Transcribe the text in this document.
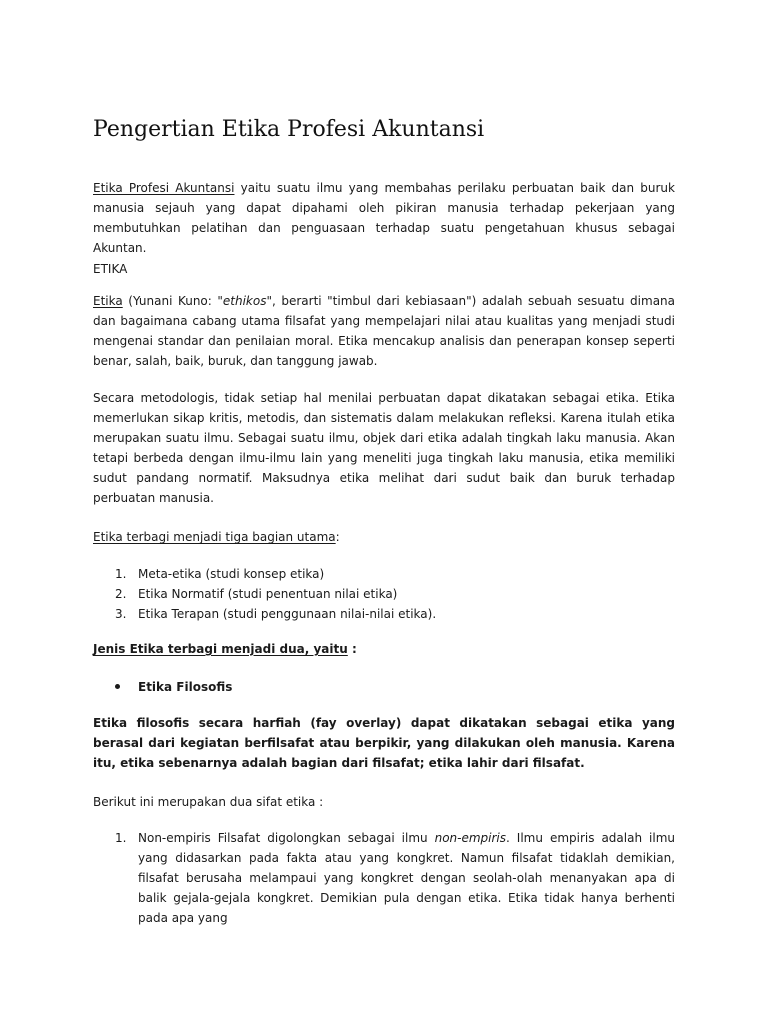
Pengertian Etika Profesi Akuntansi

Etika Profesi Akuntansi yaitu suatu ilmu yang membahas perilaku perbuatan baik dan buruk manusia sejauh yang dapat dipahami oleh pikiran manusia terhadap pekerjaan yang membutuhkan pelatihan dan penguasaan terhadap suatu pengetahuan khusus sebagai Akuntan.

ETIKA

Etika (Yunani Kuno: "ethikos", berarti "timbul dari kebiasaan") adalah sebuah sesuatu dimana dan bagaimana cabang utama filsafat yang mempelajari nilai atau kualitas yang menjadi studi mengenai standar dan penilaian moral. Etika mencakup analisis dan penerapan konsep seperti benar, salah, baik, buruk, dan tanggung jawab.

Secara metodologis, tidak setiap hal menilai perbuatan dapat dikatakan sebagai etika. Etika memerlukan sikap kritis, metodis, dan sistematis dalam melakukan refleksi. Karena itulah etika merupakan suatu ilmu. Sebagai suatu ilmu, objek dari etika adalah tingkah laku manusia. Akan tetapi berbeda dengan ilmu-ilmu lain yang meneliti juga tingkah laku manusia, etika memiliki sudut pandang normatif. Maksudnya etika melihat dari sudut baik dan buruk terhadap perbuatan manusia.

Etika terbagi menjadi tiga bagian utama:

1. Meta-etika (studi konsep etika)
2. Etika Normatif (studi penentuan nilai etika)
3. Etika Terapan (studi penggunaan nilai-nilai etika).

Jenis Etika terbagi menjadi dua, yaitu :

Etika Filosofis

Etika filosofis secara harfiah (fay overlay) dapat dikatakan sebagai etika yang berasal dari kegiatan berfilsafat atau berpikir, yang dilakukan oleh manusia. Karena itu, etika sebenarnya adalah bagian dari filsafat; etika lahir dari filsafat.

Berikut ini merupakan dua sifat etika :

1. Non-empiris Filsafat digolongkan sebagai ilmu non-empiris. Ilmu empiris adalah ilmu yang didasarkan pada fakta atau yang kongkret. Namun filsafat tidaklah demikian, filsafat berusaha melampaui yang kongkret dengan seolah-olah menanyakan apa di balik gejala-gejala kongkret. Demikian pula dengan etika. Etika tidak hanya berhenti pada apa yang
